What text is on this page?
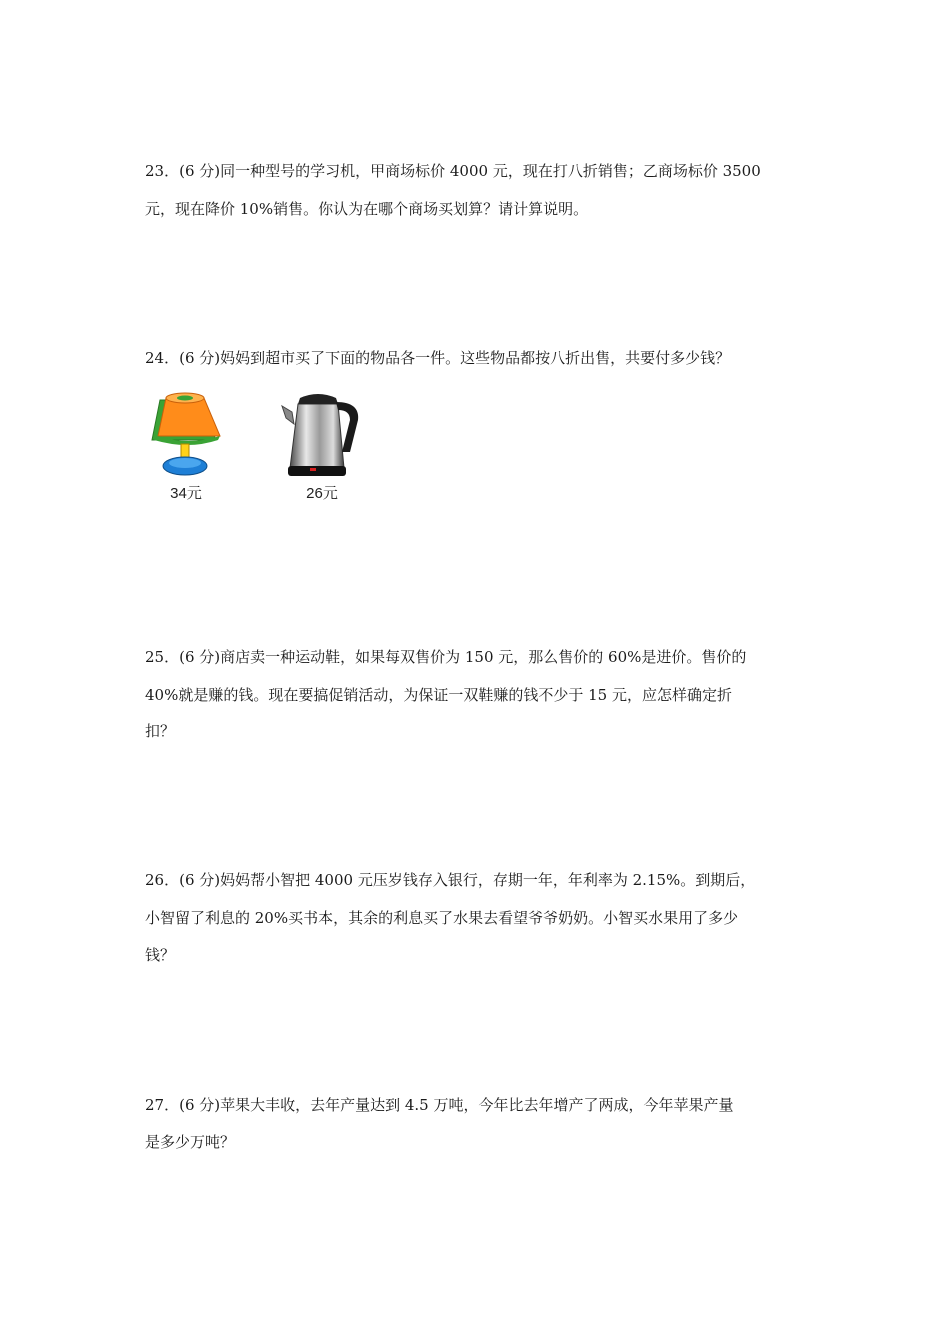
23．(6 分)同一种型号的学习机，甲商场标价 4000 元，现在打八折销售；乙商场标价 3500
元，现在降价 10%销售。你认为在哪个商场买划算？请计算说明。
24．(6 分)妈妈到超市买了下面的物品各一件。这些物品都按八折出售，共要付多少钱？
34元	26元
25．(6 分)商店卖一种运动鞋，如果每双售价为 150 元，那么售价的 60%是进价。售价的
40%就是赚的钱。现在要搞促销活动，为保证一双鞋赚的钱不少于 15 元，应怎样确定折
扣？
26．(6 分)妈妈帮小智把 4000 元压岁钱存入银行，存期一年，年利率为 2.15%。到期后，
小智留了利息的 20%买书本，其余的利息买了水果去看望爷爷奶奶。小智买水果用了多少
钱？
27．(6 分)苹果大丰收，去年产量达到 4.5 万吨，今年比去年增产了两成，今年苹果产量
是多少万吨？
